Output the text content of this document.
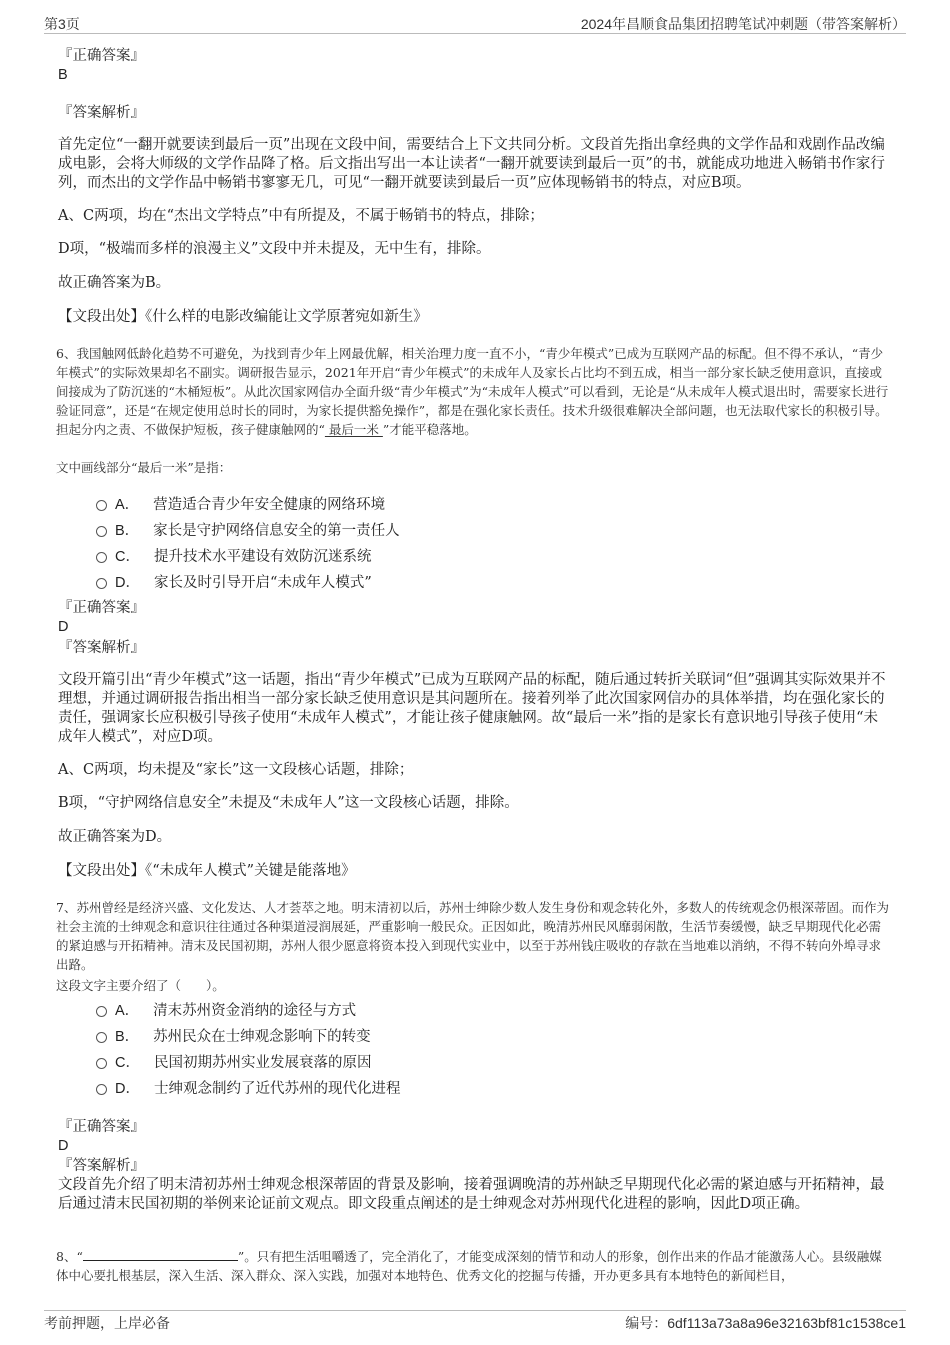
第3页	2024年昌顺食品集团招聘笔试冲刺题（带答案解析）
『正确答案』
B
『答案解析』
首先定位“一翻开就要读到最后一页”出现在文段中间，需要结合上下文共同分析。文段首先指出拿经典的文学作品和戏剧作品改编成电影，会将大师级的文学作品降了格。后文指出写出一本让读者“一翻开就要读到最后一页”的书，就能成功地进入畅销书作家行列，而杰出的文学作品中畅销书寥寥无几，可见“一翻开就要读到最后一页”应体现畅销书的特点，对应B项。
A、C两项，均在“杰出文学特点”中有所提及，不属于畅销书的特点，排除；
D项，“极端而多样的浪漫主义”文段中并未提及，无中生有，排除。
故正确答案为B。
【文段出处】《什么样的电影改编能让文学原著宛如新生》
6、我国触网低龄化趋势不可避免，为找到青少年上网最优解，相关治理力度一直不小，“青少年模式”已成为互联网产品的标配。但不得不承认，“青少年模式”的实际效果却名不副实。调研报告显示，2021年开启“青少年模式”的未成年人及家长占比均不到五成，相当一部分家长缺乏使用意识，直接或间接成为了防沉迷的“木桶短板”。从此次国家网信办全面升级“青少年模式”为“未成年人模式”可以看到，无论是“从未成年人模式退出时，需要家长进行验证同意”，还是“在规定使用总时长的同时，为家长提供豁免操作”，都是在强化家长责任。技术升级很难解决全部问题，也无法取代家长的积极引导。担起分内之责、不做保护短板，孩子健康触网的“ 最后一米 ”才能平稳落地。
文中画线部分“最后一米”是指：
A． 营造适合青少年安全健康的网络环境
B． 家长是守护网络信息安全的第一责任人
C． 提升技术水平建设有效防沉迷系统
D． 家长及时引导开启“未成年人模式”
『正确答案』
D
『答案解析』
文段开篇引出“青少年模式”这一话题，指出“青少年模式”已成为互联网产品的标配，随后通过转折关联词“但”强调其实际效果并不理想，并通过调研报告指出相当一部分家长缺乏使用意识是其问题所在。接着列举了此次国家网信办的具体举措，均在强化家长的责任，强调家长应积极引导孩子使用“未成年人模式”，才能让孩子健康触网。故“最后一米”指的是家长有意识地引导孩子使用“未成年人模式”，对应D项。
A、C两项，均未提及“家长”这一文段核心话题，排除；
B项，“守护网络信息安全”未提及“未成年人”这一文段核心话题，排除。
故正确答案为D。
【文段出处】《“未成年人模式”关键是能落地》
7、苏州曾经是经济兴盛、文化发达、人才荟萃之地。明末清初以后，苏州士绅除少数人发生身份和观念转化外，多数人的传统观念仍根深蒂固。而作为社会主流的士绅观念和意识往往通过各种渠道浸润展延，严重影响一般民众。正因如此，晚清苏州民风靡弱闲散，生活节奏缓慢，缺乏早期现代化必需的紧迫感与开拓精神。清末及民国初期，苏州人很少愿意将资本投入到现代实业中，以至于苏州钱庄吸收的存款在当地难以消纳，不得不转向外埠寻求出路。
这段文字主要介绍了（　　）。
A． 清末苏州资金消纳的途径与方式
B． 苏州民众在士绅观念影响下的转变
C． 民国初期苏州实业发展衰落的原因
D． 士绅观念制约了近代苏州的现代化进程
『正确答案』
D
『答案解析』
文段首先介绍了明末清初苏州士绅观念根深蒂固的背景及影响，接着强调晚清的苏州缺乏早期现代化必需的紧迫感与开拓精神，最后通过清末民国初期的举例来论证前文观点。即文段重点阐述的是士绅观念对苏州现代化进程的影响，因此D项正确。
8、“	”。只有把生活咀嚼透了，完全消化了，才能变成深刻的情节和动人的形象，创作出来的作品才能激荡人心。县级融媒体中心要扎根基层，深入生活、深入群众、深入实践，加强对本地特色、优秀文化的挖掘与传播，开办更多具有本地特色的新闻栏目，
考前押题，上岸必备	编号：6df113a73a8a96e32163bf81c1538ce1
